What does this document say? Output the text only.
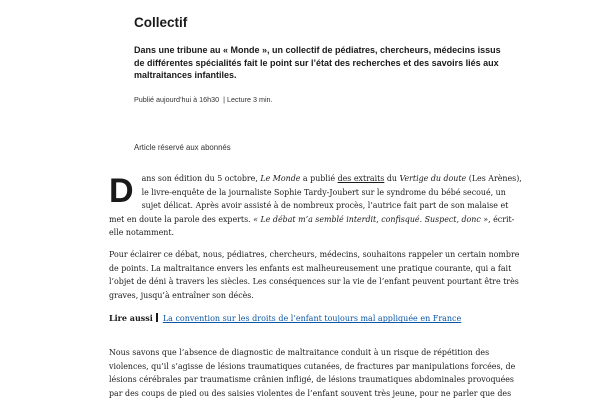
Collectif
Dans une tribune au « Monde », un collectif de pédiatres, chercheurs, médecins issus de différentes spécialités fait le point sur l’état des recherches et des savoirs liés aux maltraitances infantiles.
Publié aujourd’hui à 16h30 | Lecture 3 min.
Article réservé aux abonnés

D ans son édition du 5 octobre, Le Monde a publié des extraits du Vertige du doute (Les Arènes), le livre-enquête de la journaliste Sophie Tardy-Joubert sur le syndrome du bébé secoué, un sujet délicat. Après avoir assisté à de nombreux procès, l’autrice fait part de son malaise et met en doute la parole des experts. « Le débat m’a semblé interdit, confisqué. Suspect, donc », écrit-elle notamment.

Pour éclairer ce débat, nous, pédiatres, chercheurs, médecins, souhaitons rappeler un certain nombre de points. La maltraitance envers les enfants est malheureusement une pratique courante, qui a fait l’objet de déni à travers les siècles. Les conséquences sur la vie de l’enfant peuvent pourtant être très graves, jusqu’à entraîner son décès.

Lire aussi La convention sur les droits de l’enfant toujours mal appliquée en France

Nous savons que l’absence de diagnostic de maltraitance conduit à un risque de répétition des violences, qu’il s’agisse de lésions traumatiques cutanées, de fractures par manipulations forcées, de lésions cérébrales par traumatisme crânien infligé, de lésions traumatiques abdominales provoquées par des coups de pied ou des saisies violentes de l’enfant souvent très jeune, pour ne parler que des
